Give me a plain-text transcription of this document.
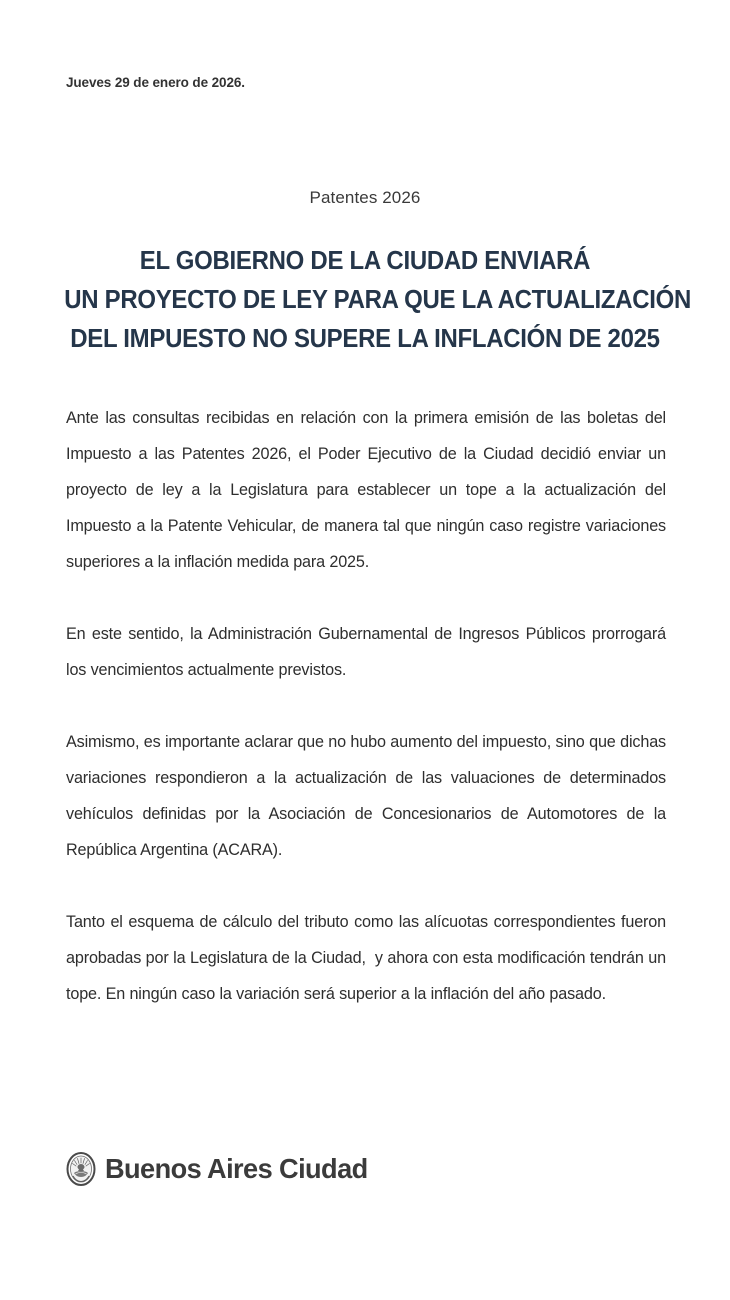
Jueves 29 de enero de 2026.
Patentes 2026
EL GOBIERNO DE LA CIUDAD ENVIARÁ
UN PROYECTO DE LEY PARA QUE LA ACTUALIZACIÓN
DEL IMPUESTO NO SUPERE LA INFLACIÓN DE 2025

Ante las consultas recibidas en relación con la primera emisión de las boletas del Impuesto a las Patentes 2026, el Poder Ejecutivo de la Ciudad decidió enviar un proyecto de ley a la Legislatura para establecer un tope a la actualización del Impuesto a la Patente Vehicular, de manera tal que ningún caso registre variaciones superiores a la inflación medida para 2025.

En este sentido, la Administración Gubernamental de Ingresos Públicos prorrogará los vencimientos actualmente previstos.

Asimismo, es importante aclarar que no hubo aumento del impuesto, sino que dichas variaciones respondieron a la actualización de las valuaciones de determinados vehículos definidas por la Asociación de Concesionarios de Automotores de la República Argentina (ACARA).

Tanto el esquema de cálculo del tributo como las alícuotas correspondientes fueron aprobadas por la Legislatura de la Ciudad,  y ahora con esta modificación tendrán un tope. En ningún caso la variación será superior a la inflación del año pasado.

Buenos Aires Ciudad
